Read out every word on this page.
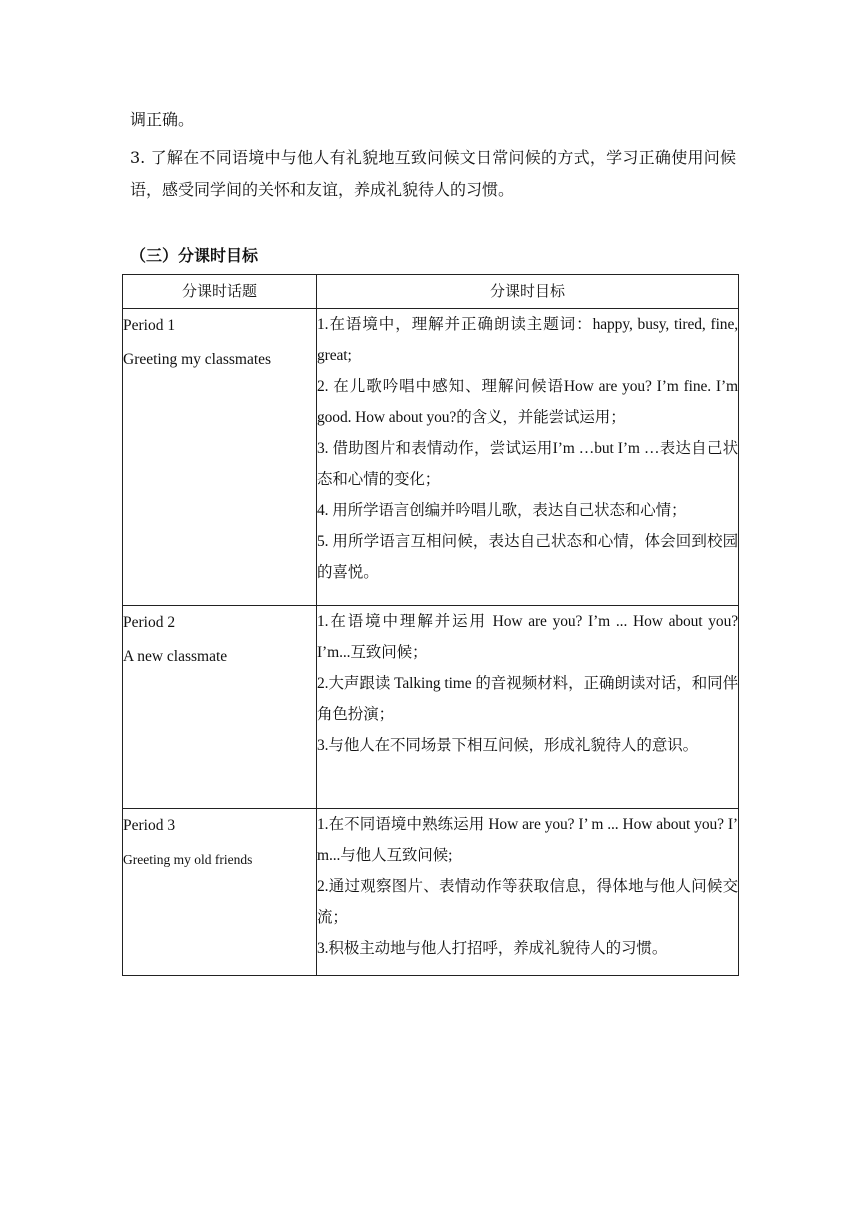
调正确。
3. 了解在不同语境中与他人有礼貌地互致问候文日常问候的方式，学习正确使用问候语，感受同学间的关怀和友谊，养成礼貌待人的习惯。
（三）分课时目标
分课时话题	分课时目标

Period 1
Greeting my classmates	1.在语境中，理解并正确朗读主题词：happy, busy, tired, fine, great;
2. 在儿歌吟唱中感知、理解问候语How are you? I’m fine. I’m good. How about you?的含义，并能尝试运用；
3. 借助图片和表情动作，尝试运用I’m …but I’m …表达自己状态和心情的变化；
4. 用所学语言创编并吟唱儿歌，表达自己状态和心情；
5. 用所学语言互相问候，表达自己状态和心情，体会回到校园的喜悦。

Period 2
A new classmate	1.在语境中理解并运用 How are you? I’m ... How about you? I’m...互致问候；
2.大声跟读 Talking time 的音视频材料，正确朗读对话，和同伴角色扮演；
3.与他人在不同场景下相互问候，形成礼貌待人的意识。

Period 3
Greeting my old friends	1.在不同语境中熟练运用 How are you? I’ m ... How about you? I’ m...与他人互致问候;
2.通过观察图片、表情动作等获取信息，得体地与他人问候交流；
3.积极主动地与他人打招呼，养成礼貌待人的习惯。
